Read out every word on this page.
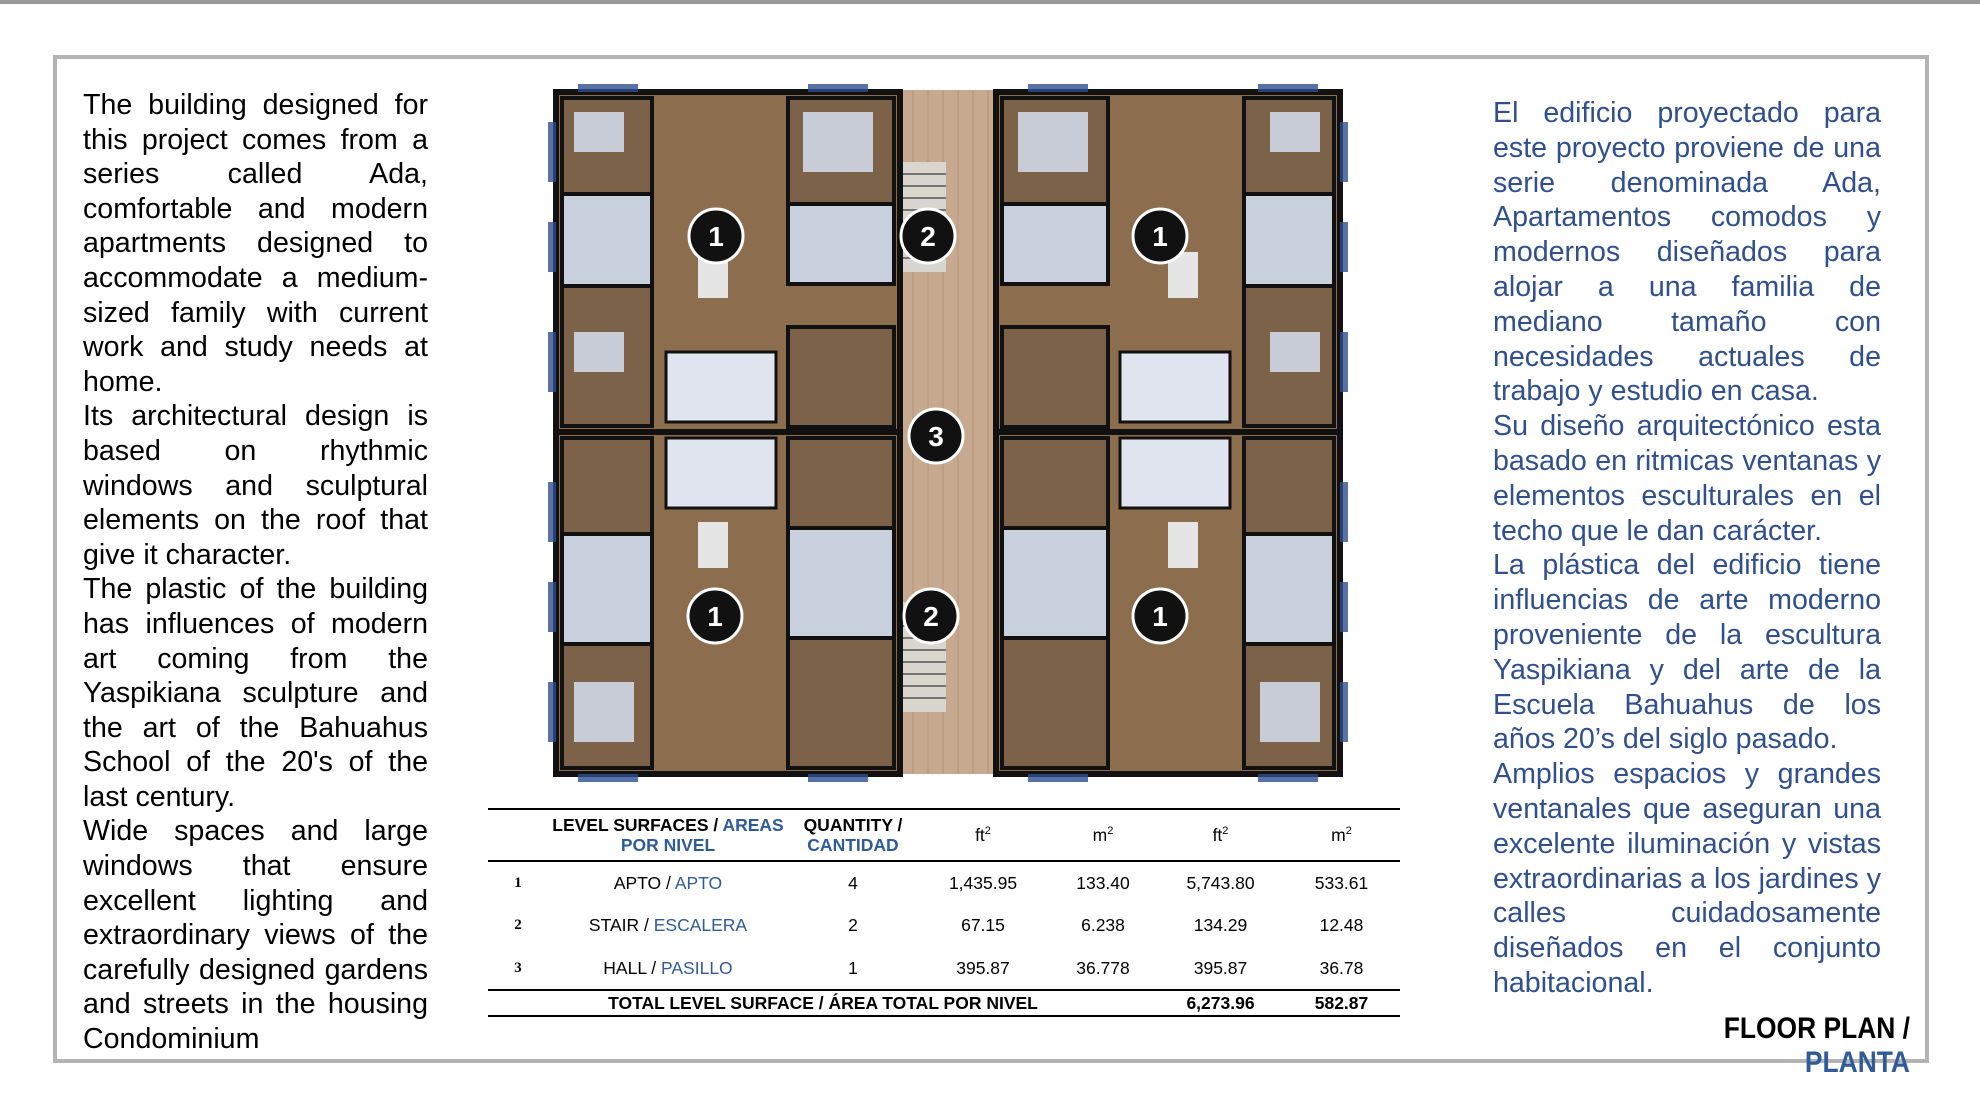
The building designed for this project comes from a series called Ada, comfortable and modern apartments designed to accommodate a medium-sized family with current work and study needs at home.

Its architectural design is based on rhythmic windows and sculptural elements on the roof that give it character.

The plastic of the building has influences of modern art coming from the Yaspikiana sculpture and the art of the Bahuahus School of the 20's of the last century.

Wide spaces and large windows that ensure excellent lighting and extraordinary views of the carefully designed gardens and streets in the housing Condominium

1	2	1
3
1	2	1
	LEVEL SURFACES / AREAS POR NIVEL	QUANTITY /
CANTIDAD	$ft^2$	$m^2$	$ft^2$	$m^2$
1	APTO / APTO	4	1,435.95	133.40	5,743.80	533.61
2	STAIR / ESCALERA	2	67.15	6.238	134.29	12.48
3	HALL / PASILLO	1	395.87	36.778	395.87	36.78
TOTAL LEVEL SURFACE / ÁREA TOTAL POR NIVEL					6,273.96	582.87

El edificio proyectado para este proyecto proviene de una serie denominada Ada, Apartamentos comodos y modernos diseñados para alojar a una familia de mediano tamaño con necesidades actuales de trabajo y estudio en casa.

Su diseño arquitectónico esta basado en ritmicas ventanas y elementos esculturales en el techo que le dan carácter.

La plástica del edificio tiene influencias de arte moderno proveniente de la escultura Yaspikiana y del arte de la Escuela Bahuahus de los años 20’s del siglo pasado.

Amplios espacios y grandes ventanales que aseguran una excelente iluminación y vistas extraordinarias a los jardines y calles cuidadosamente diseñados en el conjunto habitacional.

FLOOR PLAN / PLANTA
